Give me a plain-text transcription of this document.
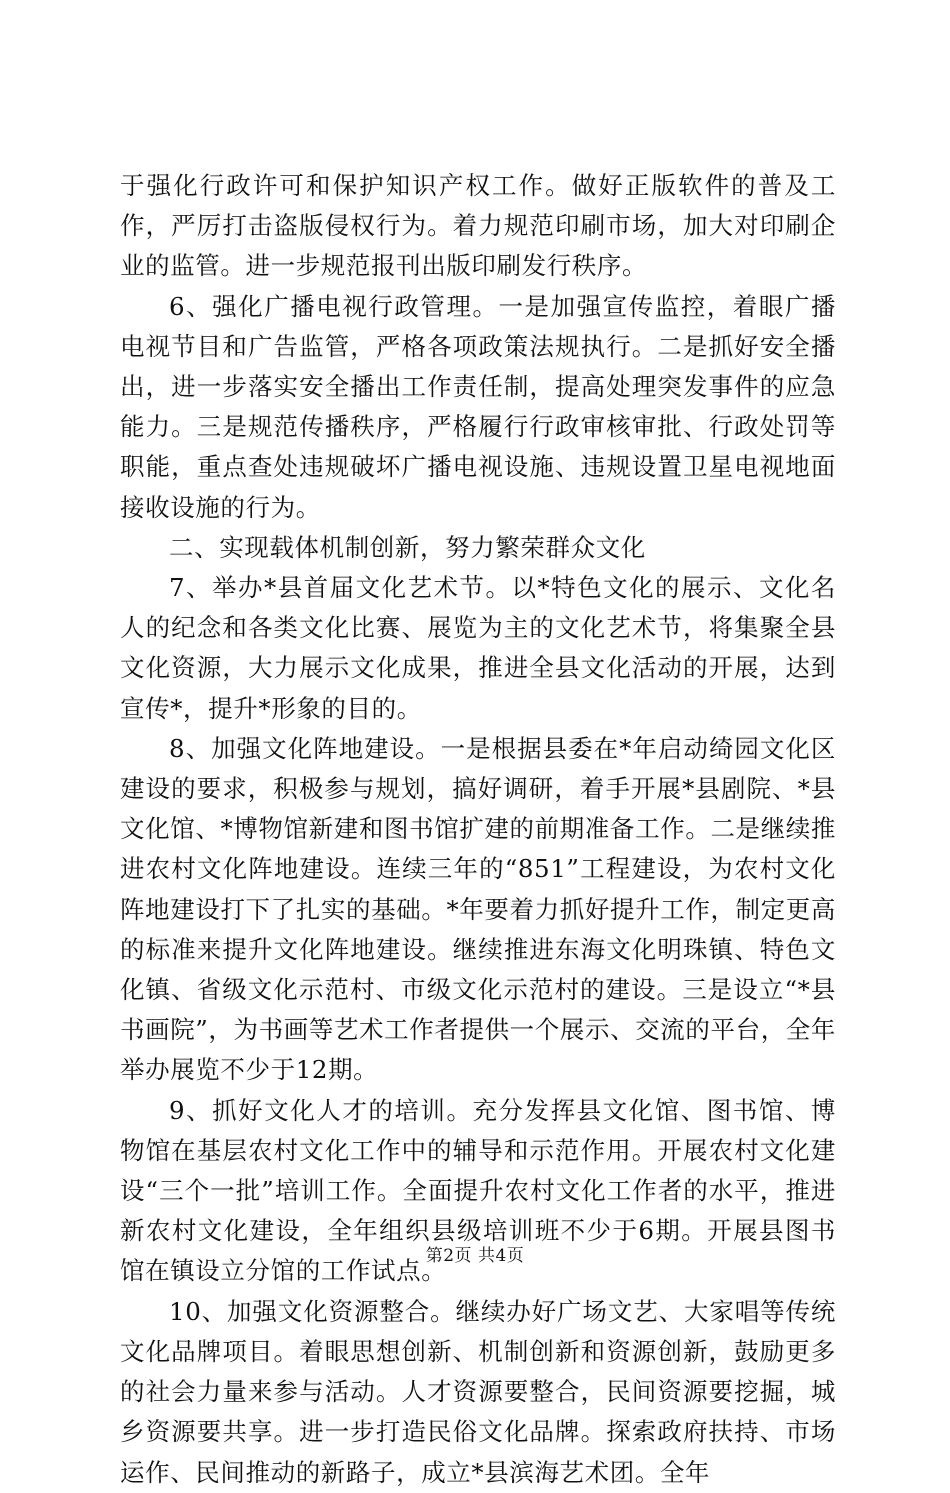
于强化行政许可和保护知识产权工作。做好正版软件的普及工作，严厉打击盗版侵权行为。着力规范印刷市场，加大对印刷企业的监管。进一步规范报刊出版印刷发行秩序。

6、强化广播电视行政管理。一是加强宣传监控，着眼广播电视节目和广告监管，严格各项政策法规执行。二是抓好安全播出，进一步落实安全播出工作责任制，提高处理突发事件的应急能力。三是规范传播秩序，严格履行行政审核审批、行政处罚等职能，重点查处违规破坏广播电视设施、违规设置卫星电视地面接收设施的行为。

二、实现载体机制创新，努力繁荣群众文化

7、举办*县首届文化艺术节。以*特色文化的展示、文化名人的纪念和各类文化比赛、展览为主的文化艺术节，将集聚全县文化资源，大力展示文化成果，推进全县文化活动的开展，达到宣传*，提升*形象的目的。

8、加强文化阵地建设。一是根据县委在*年启动绮园文化区建设的要求，积极参与规划，搞好调研，着手开展*县剧院、*县文化馆、*博物馆新建和图书馆扩建的前期准备工作。二是继续推进农村文化阵地建设。连续三年的“851”工程建设，为农村文化阵地建设打下了扎实的基础。*年要着力抓好提升工作，制定更高的标准来提升文化阵地建设。继续推进东海文化明珠镇、特色文化镇、省级文化示范村、市级文化示范村的建设。三是设立“*县书画院”，为书画等艺术工作者提供一个展示、交流的平台，全年举办展览不少于12期。

9、抓好文化人才的培训。充分发挥县文化馆、图书馆、博物馆在基层农村文化工作中的辅导和示范作用。开展农村文化建设“三个一批”培训工作。全面提升农村文化工作者的水平，推进新农村文化建设，全年组织县级培训班不少于6期。开展县图书馆在镇设立分馆的工作试点。

10、加强文化资源整合。继续办好广场文艺、大家唱等传统文化品牌项目。着眼思想创新、机制创新和资源创新，鼓励更多的社会力量来参与活动。人才资源要整合，民间资源要挖掘，城乡资源要共享。进一步打造民俗文化品牌。探索政府扶持、市场运作、民间推动的新路子，成立*县滨海艺术团。全年

第2页 共4页
